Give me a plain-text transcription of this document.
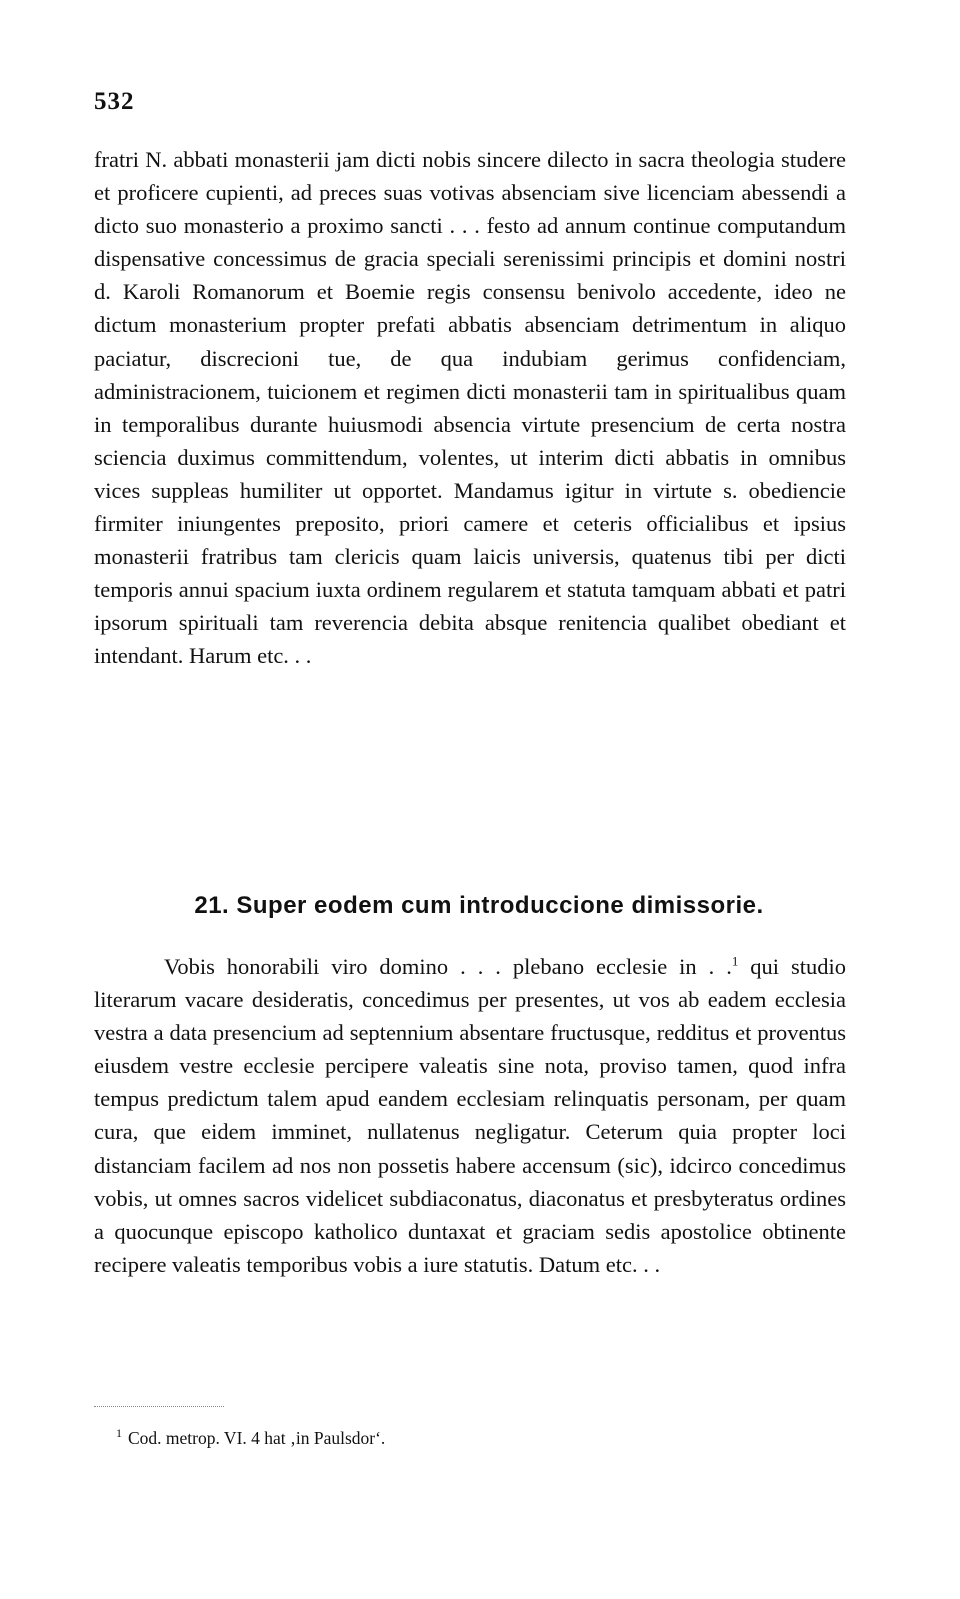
532

fratri N. abbati monasterii jam dicti nobis sincere dilecto in sacra theologia studere et proficere cupienti, ad preces suas votivas absenciam sive licenciam abessendi a dicto suo monasterio a proximo sancti . . . festo ad annum continue computandum dispensative concessimus de gracia speciali serenissimi principis et domini nostri d. Karoli Romanorum et Boemie regis consensu benivolo accedente, ideo ne dictum monasterium propter prefati abbatis absenciam detrimentum in aliquo paciatur, discrecioni tue, de qua indubiam gerimus confidenciam, administracionem, tuicionem et regimen dicti monasterii tam in spiritualibus quam in temporalibus durante huiusmodi absencia virtute presencium de certa nostra sciencia duximus committendum, volentes, ut interim dicti abbatis in omnibus vices suppleas humiliter ut opportet. Mandamus igitur in virtute s. obediencie firmiter iniungentes preposito, priori camere et ceteris officialibus et ipsius monasterii fratribus tam clericis quam laicis universis, quatenus tibi per dicti temporis annui spacium iuxta ordinem regularem et statuta tamquam abbati et patri ipsorum spirituali tam reverencia debita absque renitencia qualibet obediant et intendant. Harum etc. . .

21. Super eodem cum introduccione dimissorie.

Vobis honorabili viro domino . . . plebano ecclesie in . .$^1$ qui studio literarum vacare desideratis, concedimus per presentes, ut vos ab eadem ecclesia vestra a data presencium ad septennium absentare fructusque, redditus et proventus eiusdem vestre ecclesie percipere valeatis sine nota, proviso tamen, quod infra tempus predictum talem apud eandem ecclesiam relinquatis personam, per quam cura, que eidem imminet, nullatenus negligatur. Ceterum quia propter loci distanciam facilem ad nos non possetis habere accensum (sic), idcirco concedimus vobis, ut omnes sacros videlicet subdiaconatus, diaconatus et presbyteratus ordines a quocunque episcopo katholico duntaxat et graciam sedis apostolice obtinente recipere valeatis temporibus vobis a iure statutis. Datum etc. . .

$^1$ Cod. metrop. VI. 4 hat ‚in Paulsdor‘.
